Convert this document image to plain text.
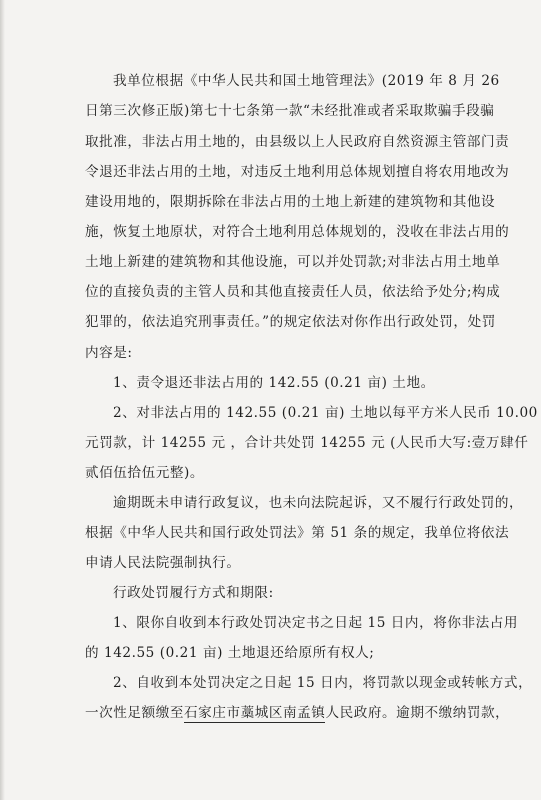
我单位根据《中华人民共和国土地管理法》(2019 年 8 月 26
日第三次修正版)第七十七条第一款“未经批准或者采取欺骗手段骗
取批准，非法占用土地的，由县级以上人民政府自然资源主管部门责
令退还非法占用的土地，对违反土地利用总体规划擅自将农用地改为
建设用地的，限期拆除在非法占用的土地上新建的建筑物和其他设
施，恢复土地原状，对符合土地利用总体规划的，没收在非法占用的
土地上新建的建筑物和其他设施，可以并处罚款;对非法占用土地单
位的直接负责的主管人员和其他直接责任人员，依法给予处分;构成
犯罪的，依法追究刑事责任。”的规定依法对你作出行政处罚，处罚
内容是:
1、责令退还非法占用的 142.55 (0.21 亩) 土地。
2、对非法占用的 142.55 (0.21 亩) 土地以每平方米人民币 10.00
元罚款，计 14255 元 ，合计共处罚 14255 元 (人民币大写:壹万肆仟
贰佰伍拾伍元整)。
逾期既未申请行政复议，也未向法院起诉，又不履行行政处罚的，
根据《中华人民共和国行政处罚法》第 51 条的规定，我单位将依法
申请人民法院强制执行。
行政处罚履行方式和期限:
1、限你自收到本行政处罚决定书之日起 15 日内，将你非法占用
的 142.55 (0.21 亩) 土地退还给原所有权人;
2、自收到本处罚决定之日起 15 日内，将罚款以现金或转帐方式，
一次性足额缴至石家庄市藁城区南孟镇人民政府。逾期不缴纳罚款，
